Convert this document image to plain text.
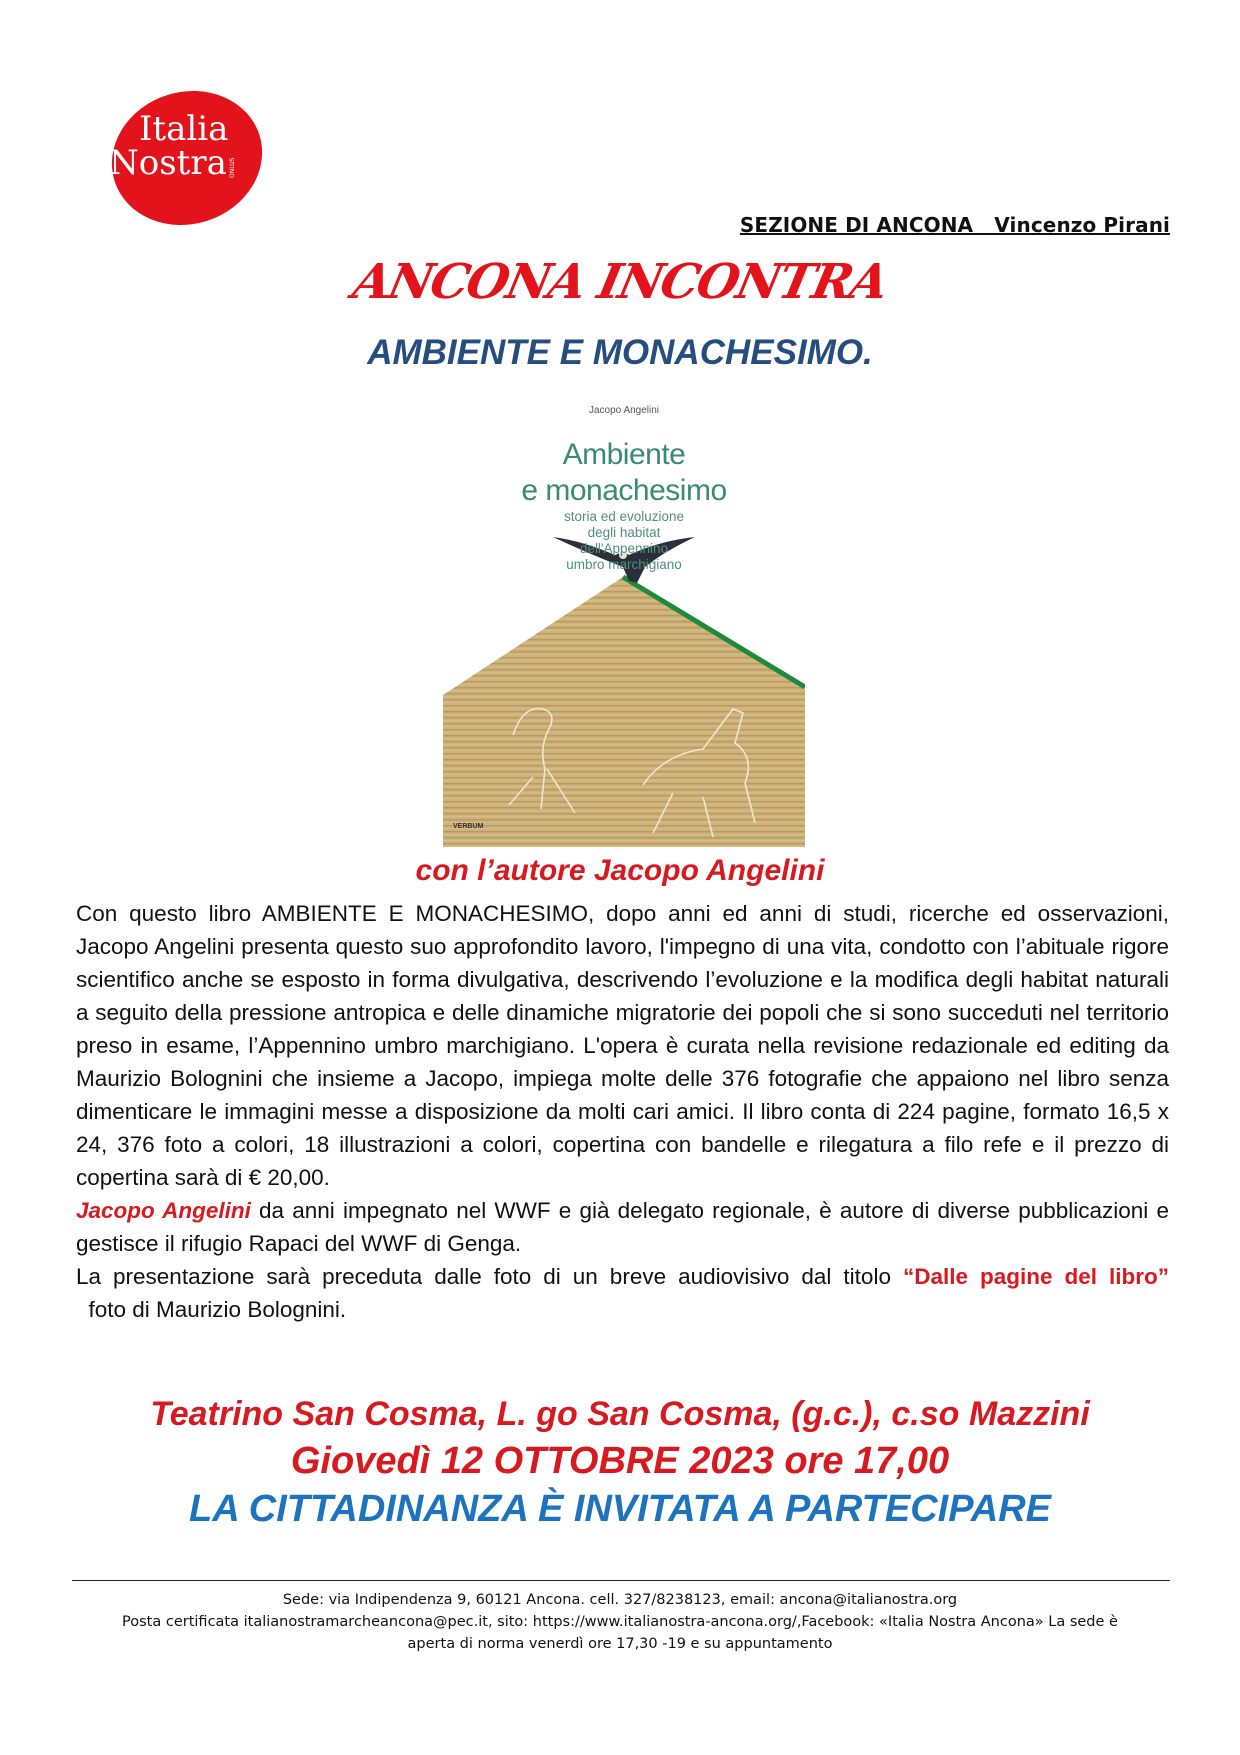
Italia
Nostra ONLUS
SEZIONE DI ANCONA   Vincenzo Pirani
ANCONA INCONTRA
AMBIENTE E MONACHESIMO.
Jacopo Angelini
Ambiente
e monachesimo
storia ed evoluzione
degli habitat
dell'Appennino
umbro marchigiano
VERBUM
con l’autore Jacopo Angelini

Con questo libro AMBIENTE E MONACHESIMO, dopo anni ed anni di studi, ricerche ed osservazioni, Jacopo Angelini presenta questo suo approfondito lavoro, l'impegno di una vita, condotto con l’abituale rigore scientifico anche se esposto in forma divulgativa, descrivendo l’evoluzione e la modifica degli habitat naturali a seguito della pressione antropica e delle dinamiche migratorie dei popoli che si sono succeduti nel territorio preso in esame, l’Appennino umbro marchigiano. L'opera è curata nella revisione redazionale ed editing da Maurizio Bolognini che insieme a Jacopo, impiega molte delle 376 fotografie che appaiono nel libro senza dimenticare le immagini messe a disposizione da molti cari amici. Il libro conta di 224 pagine, formato 16,5 x 24, 376 foto a colori, 18 illustrazioni a colori, copertina con bandelle e rilegatura a filo refe e il prezzo di copertina sarà di € 20,00.

Jacopo Angelini da anni impegnato nel WWF e già delegato regionale, è autore di diverse pubblicazioni e gestisce il rifugio Rapaci del WWF di Genga.

La presentazione sarà preceduta dalle foto di un breve audiovisivo dal titolo “Dalle pagine del libro”  foto di Maurizio Bolognini.

Teatrino San Cosma, L. go San Cosma, (g.c.), c.so Mazzini
Giovedì 12 OTTOBRE 2023 ore 17,00
LA CITTADINANZA È INVITATA A PARTECIPARE
Sede: via Indipendenza 9, 60121 Ancona. cell. 327/8238123, email: ancona@italianostra.org
Posta certificata italianostramarcheancona@pec.it, sito: https://www.italianostra-ancona.org/,Facebook: «Italia Nostra Ancona» La sede è
aperta di norma venerdì ore 17,30 -19 e su appuntamento
